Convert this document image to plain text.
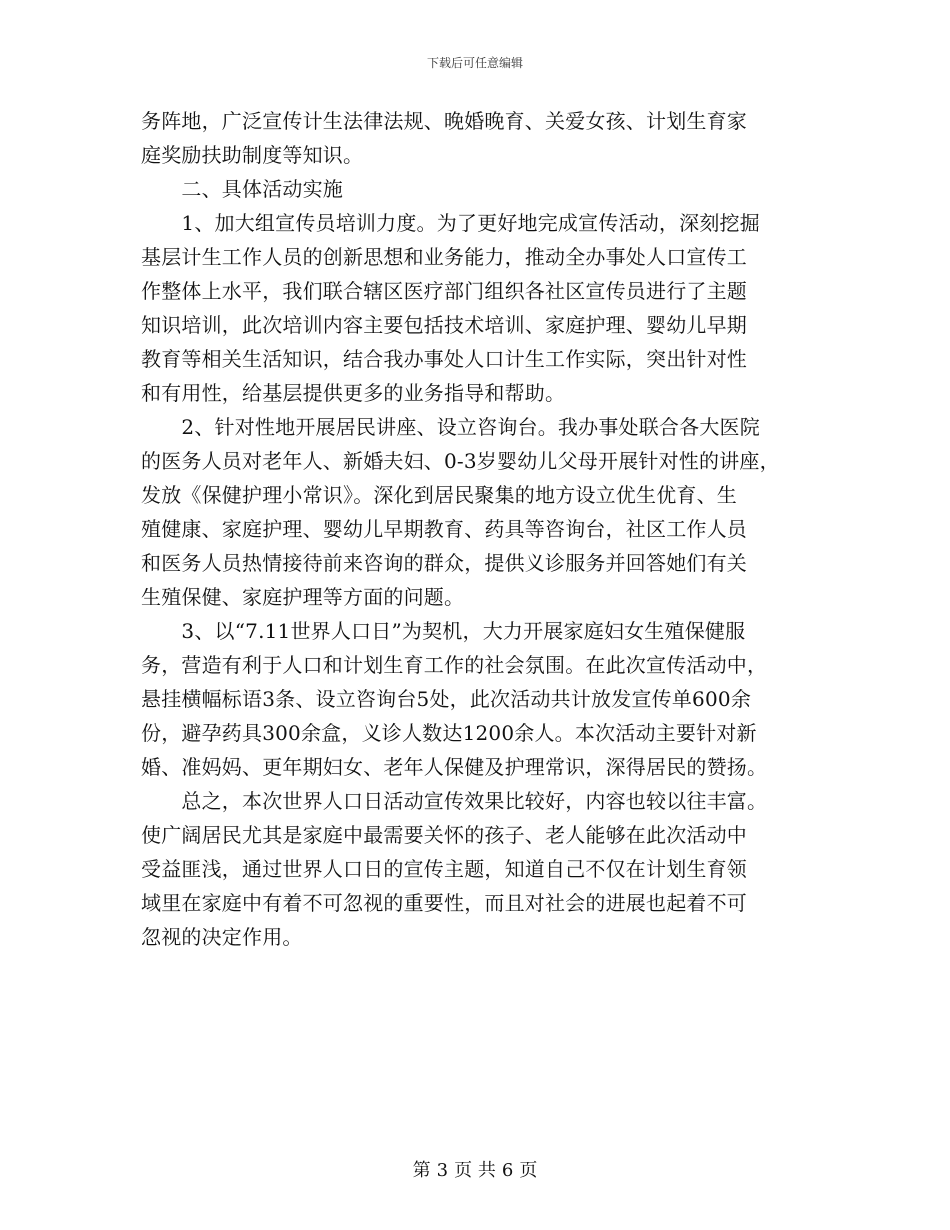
下载后可任意编辑
务阵地，广泛宣传计生法律法规、晚婚晚育、关爱女孩、计划生育家
庭奖励扶助制度等知识。
　　二、具体活动实施
　　1、加大组宣传员培训力度。为了更好地完成宣传活动，深刻挖掘
基层计生工作人员的创新思想和业务能力，推动全办事处人口宣传工
作整体上水平，我们联合辖区医疗部门组织各社区宣传员进行了主题
知识培训，此次培训内容主要包括技术培训、家庭护理、婴幼儿早期
教育等相关生活知识，结合我办事处人口计生工作实际，突出针对性
和有用性，给基层提供更多的业务指导和帮助。
　　2、针对性地开展居民讲座、设立咨询台。我办事处联合各大医院
的医务人员对老年人、新婚夫妇、0-3岁婴幼儿父母开展针对性的讲座，
发放《保健护理小常识》。深化到居民聚集的地方设立优生优育、生
殖健康、家庭护理、婴幼儿早期教育、药具等咨询台，社区工作人员
和医务人员热情接待前来咨询的群众，提供义诊服务并回答她们有关
生殖保健、家庭护理等方面的问题。
　　3、以“7.11世界人口日”为契机，大力开展家庭妇女生殖保健服
务，营造有利于人口和计划生育工作的社会氛围。在此次宣传活动中，
悬挂横幅标语3条、设立咨询台5处，此次活动共计放发宣传单600余
份，避孕药具300余盒，义诊人数达1200余人。本次活动主要针对新
婚、准妈妈、更年期妇女、老年人保健及护理常识，深得居民的赞扬。
　　总之，本次世界人口日活动宣传效果比较好，内容也较以往丰富。
使广阔居民尤其是家庭中最需要关怀的孩子、老人能够在此次活动中
受益匪浅，通过世界人口日的宣传主题，知道自己不仅在计划生育领
域里在家庭中有着不可忽视的重要性，而且对社会的进展也起着不可
忽视的决定作用。
第 3 页 共 6 页
